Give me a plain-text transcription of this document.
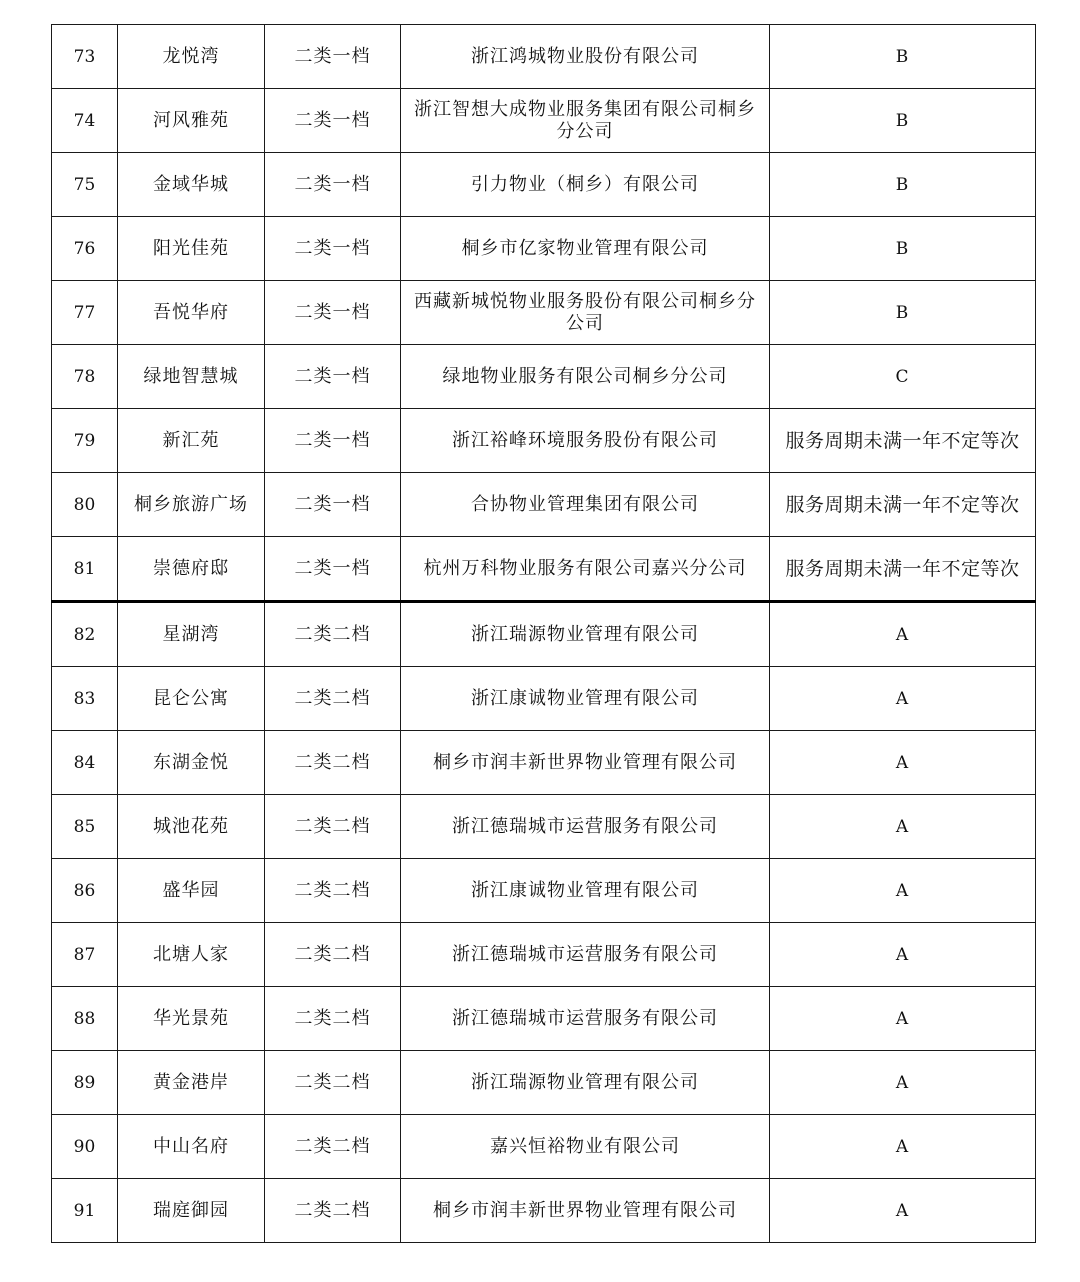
73	龙悦湾	二类一档	浙江鸿城物业股份有限公司	B
74	河风雅苑	二类一档	浙江智想大成物业服务集团有限公司桐乡分公司	B
75	金域华城	二类一档	引力物业（桐乡）有限公司	B
76	阳光佳苑	二类一档	桐乡市亿家物业管理有限公司	B
77	吾悦华府	二类一档	西藏新城悦物业服务股份有限公司桐乡分公司	B
78	绿地智慧城	二类一档	绿地物业服务有限公司桐乡分公司	C
79	新汇苑	二类一档	浙江裕峰环境服务股份有限公司	服务周期未满一年不定等次
80	桐乡旅游广场	二类一档	合协物业管理集团有限公司	服务周期未满一年不定等次
81	崇德府邸	二类一档	杭州万科物业服务有限公司嘉兴分公司	服务周期未满一年不定等次
82	星湖湾	二类二档	浙江瑞源物业管理有限公司	A
83	昆仑公寓	二类二档	浙江康诚物业管理有限公司	A
84	东湖金悦	二类二档	桐乡市润丰新世界物业管理有限公司	A
85	城池花苑	二类二档	浙江德瑞城市运营服务有限公司	A
86	盛华园	二类二档	浙江康诚物业管理有限公司	A
87	北塘人家	二类二档	浙江德瑞城市运营服务有限公司	A
88	华光景苑	二类二档	浙江德瑞城市运营服务有限公司	A
89	黄金港岸	二类二档	浙江瑞源物业管理有限公司	A
90	中山名府	二类二档	嘉兴恒裕物业有限公司	A
91	瑞庭御园	二类二档	桐乡市润丰新世界物业管理有限公司	A
